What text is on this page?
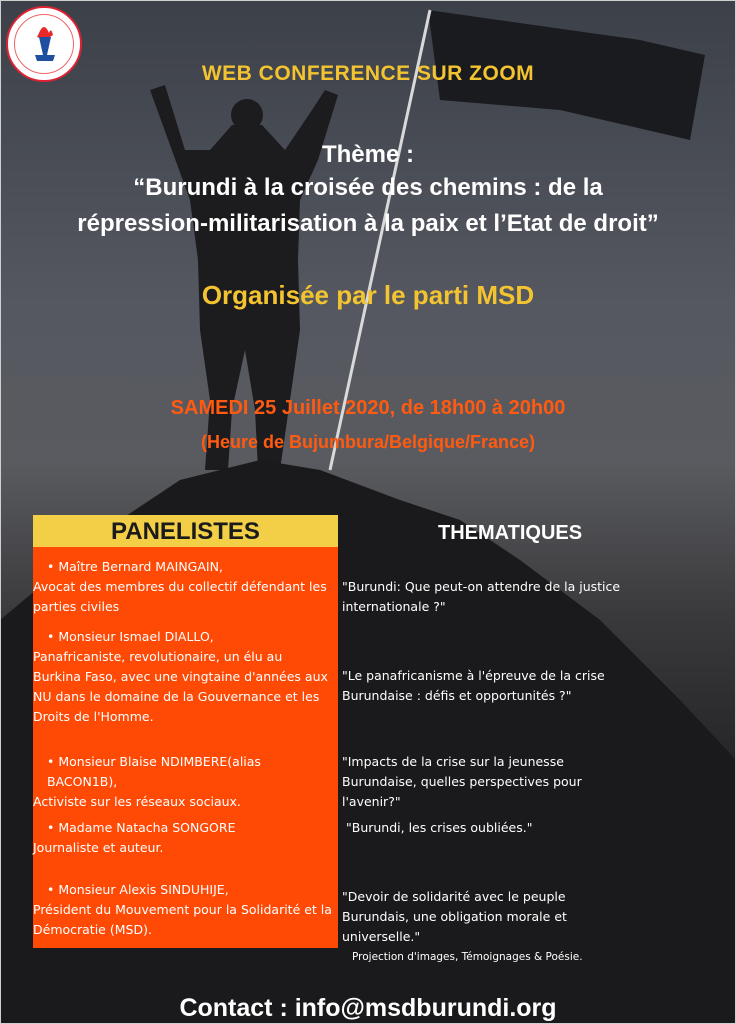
WEB CONFERENCE SUR ZOOM
Thème :
“Burundi à la croisée des chemins : de la
répression-militarisation à la paix et l’Etat de droit”
Organisée par le parti MSD
SAMEDI 25 Juillet 2020, de 18h00 à 20h00
(Heure de Bujumbura/Belgique/France)
PANELISTES
• Maître Bernard MAINGAIN,
Avocat des membres du collectif défendant les parties civiles
• Monsieur Ismael DIALLO,
Panafricaniste, revolutionaire, un élu au Burkina Faso, avec une vingtaine d'années aux NU dans le domaine de la Gouvernance et les Droits de l'Homme.
• Monsieur Blaise NDIMBERE(alias BACON1B),
Activiste sur les réseaux sociaux.
• Madame Natacha SONGORE
Journaliste et auteur.
• Monsieur Alexis SINDUHIJE,
Président du Mouvement pour la Solidarité et la Démocratie (MSD).
THEMATIQUES
"Burundi: Que peut-on attendre de la justice internationale ?"
"Le panafricanisme à l'épreuve de la crise Burundaise : défis et opportunités ?"
"Impacts de la crise sur la jeunesse Burundaise, quelles perspectives pour l'avenir?"
"Burundi, les crises oubliées."
"Devoir de solidarité avec le peuple Burundais, une obligation morale et universelle."
Projection d'images, Témoignages & Poésie.
Contact : info@msdburundi.org
